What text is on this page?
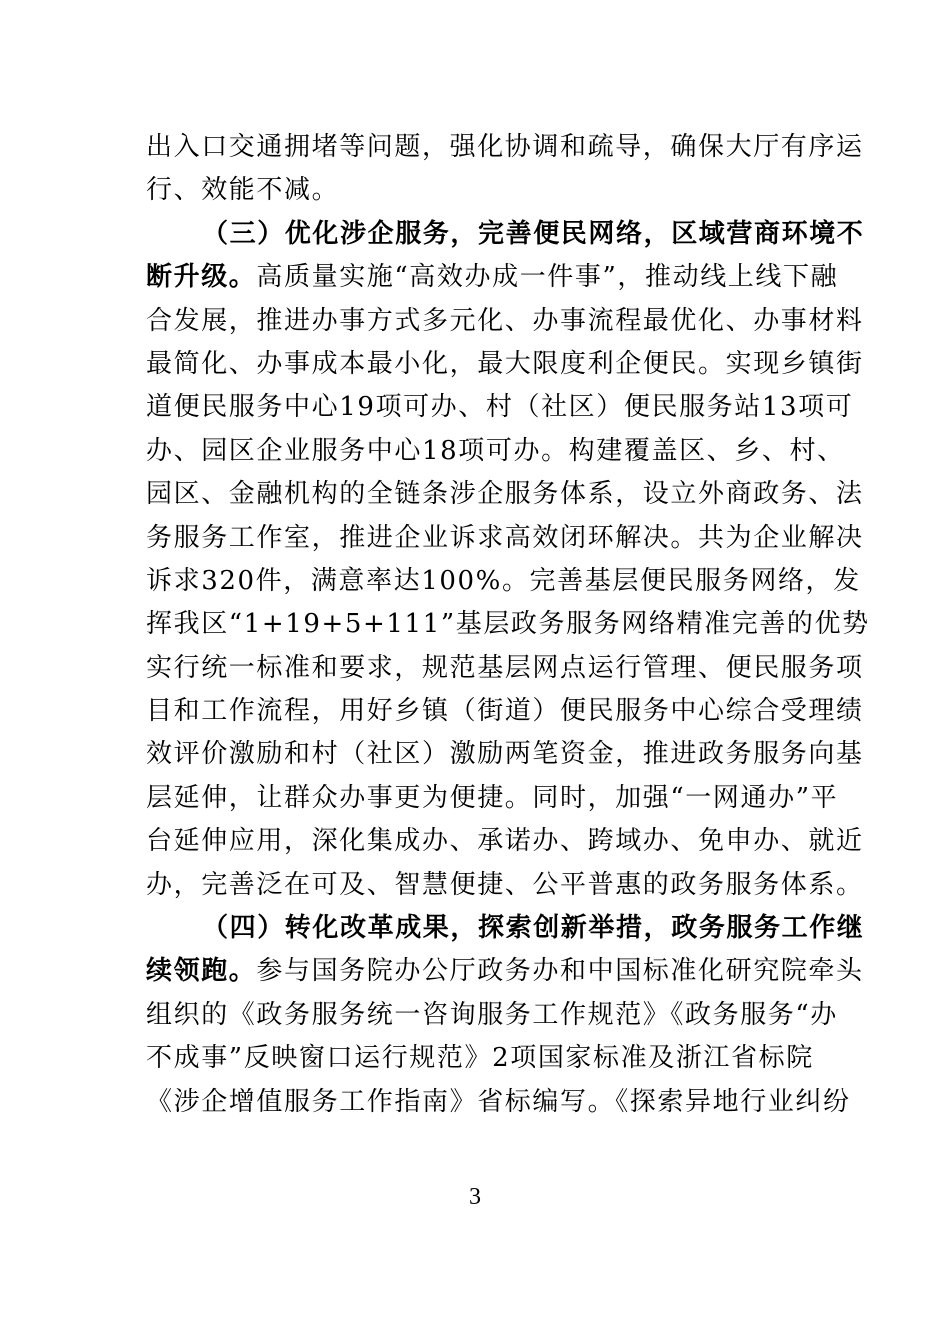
出入口交通拥堵等问题，强化协调和疏导，确保大厅有序运
行、效能不减。
（三）优化涉企服务，完善便民网络，区域营商环境不
断升级。高质量实施“高效办成一件事”，推动线上线下融
合发展，推进办事方式多元化、办事流程最优化、办事材料
最简化、办事成本最小化，最大限度利企便民。实现乡镇街
道便民服务中心19项可办、村（社区）便民服务站13项可
办、园区企业服务中心18项可办。构建覆盖区、乡、村、
园区、金融机构的全链条涉企服务体系，设立外商政务、法
务服务工作室，推进企业诉求高效闭环解决。共为企业解决
诉求320件，满意率达100%。完善基层便民服务网络，发
挥我区“1+19+5+111”基层政务服务网络精准完善的优势
实行统一标准和要求，规范基层网点运行管理、便民服务项
目和工作流程，用好乡镇（街道）便民服务中心综合受理绩
效评价激励和村（社区）激励两笔资金，推进政务服务向基
层延伸，让群众办事更为便捷。同时，加强“一网通办”平
台延伸应用，深化集成办、承诺办、跨域办、免申办、就近
办，完善泛在可及、智慧便捷、公平普惠的政务服务体系。
（四）转化改革成果，探索创新举措，政务服务工作继
续领跑。参与国务院办公厅政务办和中国标准化研究院牵头
组织的《政务服务统一咨询服务工作规范》《政务服务“办
不成事”反映窗口运行规范》2项国家标准及浙江省标院
《涉企增值服务工作指南》省标编写。《探索异地行业纠纷
3
